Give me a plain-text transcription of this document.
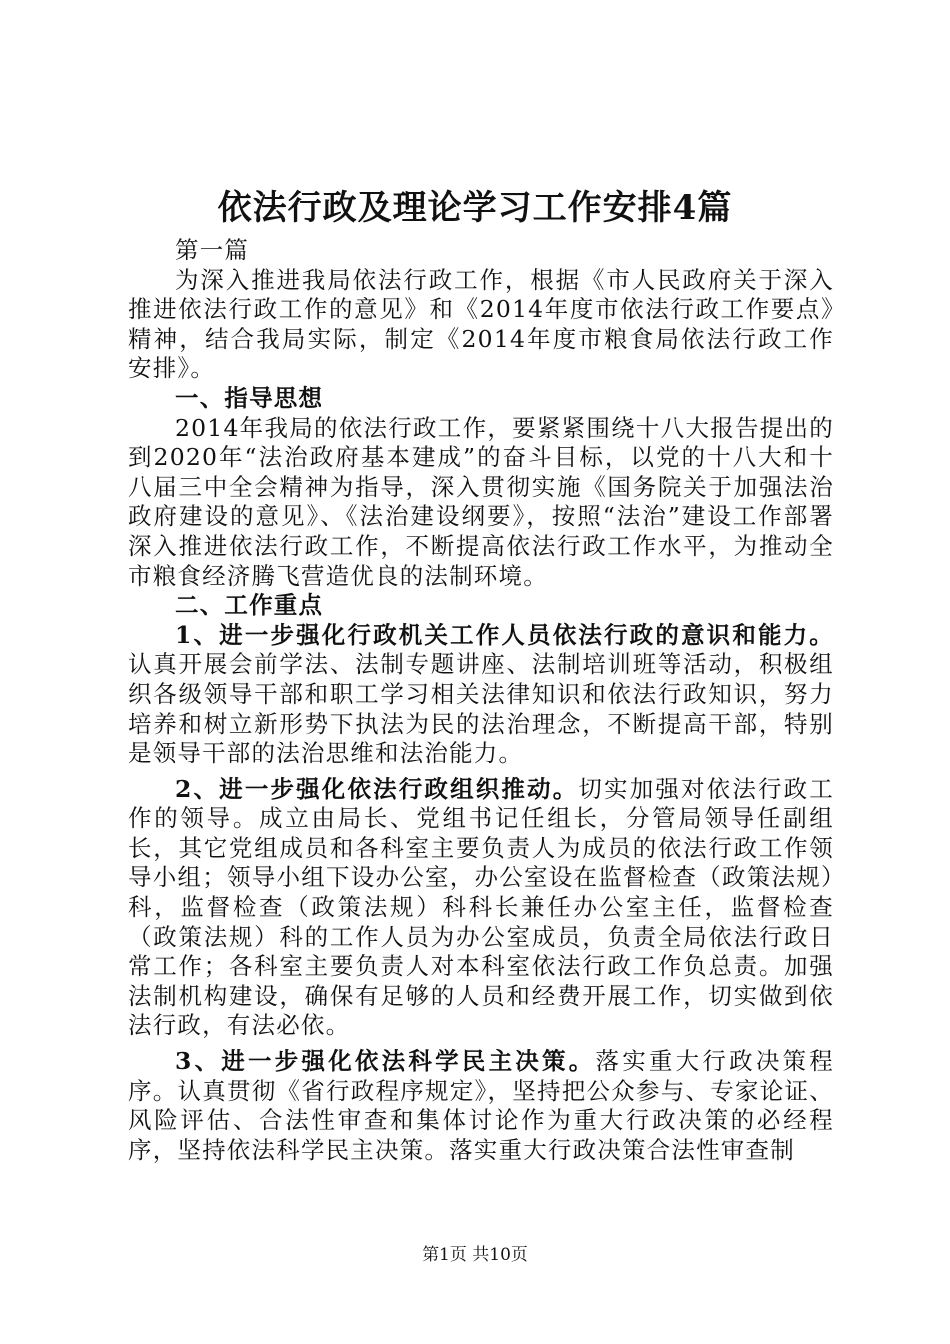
依法行政及理论学习工作安排4篇

第一篇

为深入推进我局依法行政工作，根据《市人民政府关于深入推进依法行政工作的意见》和《2014年度市依法行政工作要点》精神，结合我局实际，制定《2014年度市粮食局依法行政工作安排》。

一、指导思想

2014年我局的依法行政工作，要紧紧围绕十八大报告提出的到2020年“法治政府基本建成”的奋斗目标，以党的十八大和十八届三中全会精神为指导，深入贯彻实施《国务院关于加强法治政府建设的意见》、《法治建设纲要》，按照“法治”建设工作部署深入推进依法行政工作，不断提高依法行政工作水平，为推动全市粮食经济腾飞营造优良的法制环境。

二、工作重点

1、进一步强化行政机关工作人员依法行政的意识和能力。认真开展会前学法、法制专题讲座、法制培训班等活动，积极组织各级领导干部和职工学习相关法律知识和依法行政知识，努力培养和树立新形势下执法为民的法治理念，不断提高干部，特别是领导干部的法治思维和法治能力。

2、进一步强化依法行政组织推动。切实加强对依法行政工作的领导。成立由局长、党组书记任组长，分管局领导任副组长，其它党组成员和各科室主要负责人为成员的依法行政工作领导小组；领导小组下设办公室，办公室设在监督检查（政策法规）科，监督检查（政策法规）科科长兼任办公室主任，监督检查（政策法规）科的工作人员为办公室成员，负责全局依法行政日常工作；各科室主要负责人对本科室依法行政工作负总责。加强法制机构建设，确保有足够的人员和经费开展工作，切实做到依法行政，有法必依。

3、进一步强化依法科学民主决策。落实重大行政决策程序。认真贯彻《省行政程序规定》，坚持把公众参与、专家论证、风险评估、合法性审查和集体讨论作为重大行政决策的必经程序，坚持依法科学民主决策。落实重大行政决策合法性审查制

第1页 共10页
